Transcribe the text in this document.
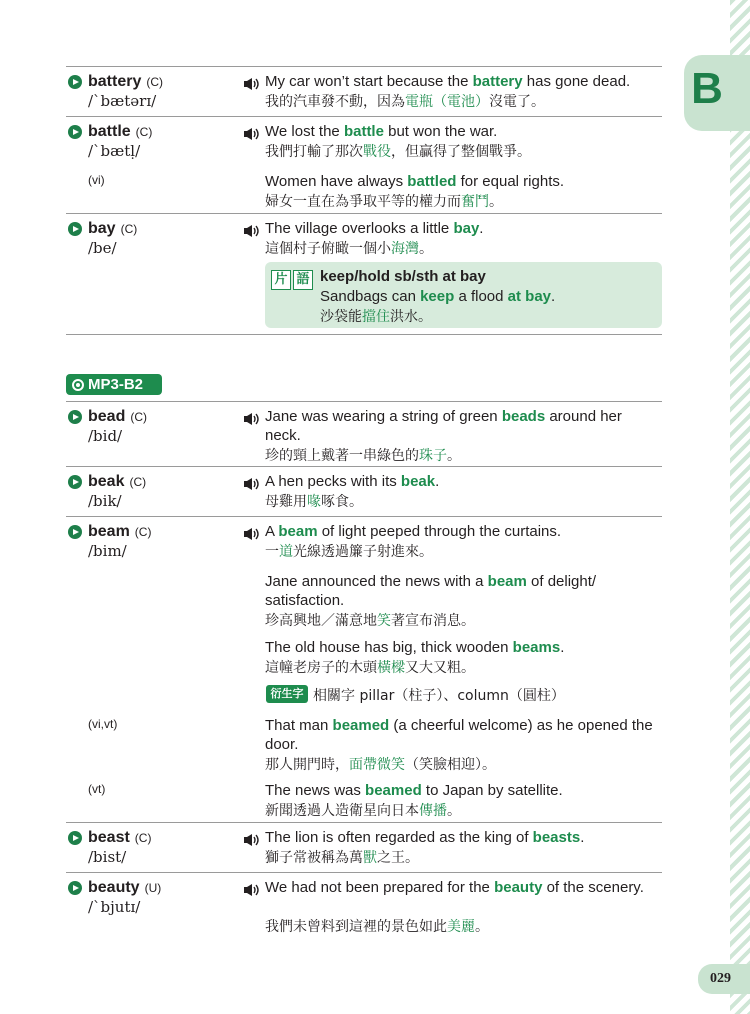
B
029
battery (C)
/ˋbætərɪ/
My car won’t start because the battery has gone dead.
我的汽車發不動，因為電瓶（電池）沒電了。
battle (C)
/ˋbætḷ/
We lost the battle but won the war.
我們打輸了那次戰役，但贏得了整個戰爭。
(vi)	Women have always battled for equal rights.
婦女一直在為爭取平等的權力而奮鬥。
bay (C)
/be/
The village overlooks a little bay.
這個村子俯瞰一個小海灣。
片 語 keep/hold sb/sth at bay
Sandbags can keep a flood at bay.
沙袋能擋住洪水。
MP3-B2
bead (C)
/bid/
Jane was wearing a string of green beads around her neck.
珍的頸上戴著一串綠色的珠子。
beak (C)
/bik/
A hen pecks with its beak.
母雞用喙啄食。
beam (C)
/bim/
A beam of light peeped through the curtains.
一道光線透過簾子射進來。
Jane announced the news with a beam of delight/ satisfaction.
珍高興地／滿意地笑著宣布消息。
The old house has big, thick wooden beams.
這幢老房子的木頭橫樑又大又粗。
衍生字 相關字 pillar（柱子）、column（圓柱）
(vi,vt)	That man beamed (a cheerful welcome) as he opened the door.
那人開門時，面帶微笑（笑臉相迎）。
(vt)	The news was beamed to Japan by satellite.
新聞透過人造衛星向日本傳播。
beast (C)
/bist/
The lion is often regarded as the king of beasts.
獅子常被稱為萬獸之王。
beauty (U)
/ˋbjutɪ/
We had not been prepared for the beauty of the scenery.
我們未曾料到這裡的景色如此美麗。
